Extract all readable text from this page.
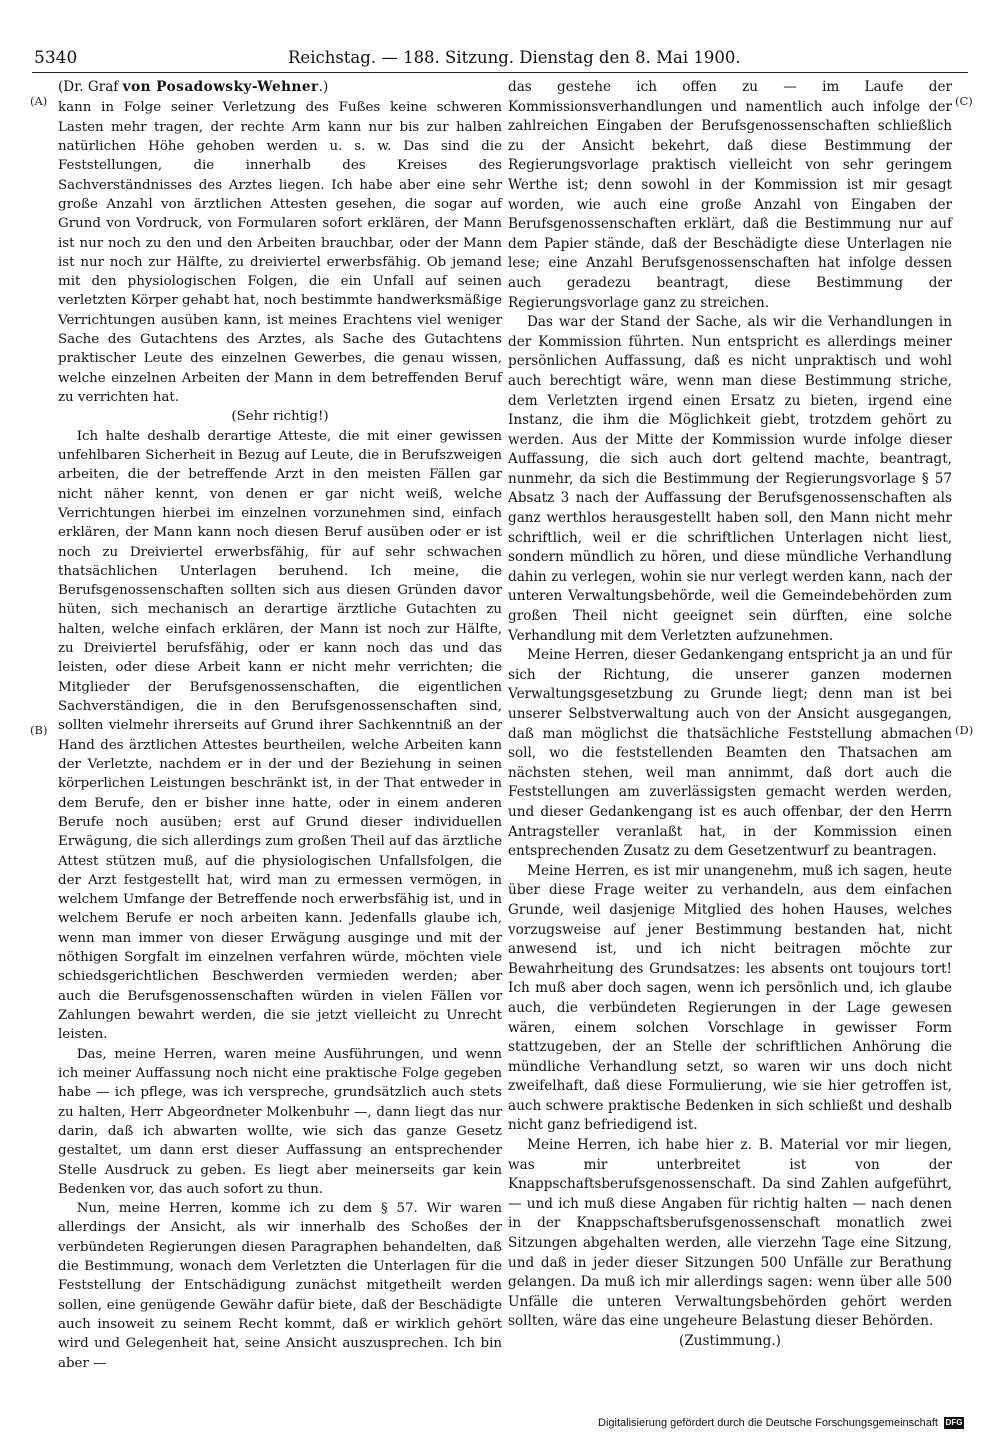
5340	Reichstag. — 188. Sitzung. Dienstag den 8. Mai 1900.
(A)
(B)
(C)
(D)
(Dr. Graf von Posadowsky-Wehner.)

kann in Folge seiner Verletzung des Fußes keine schweren Lasten mehr tragen, der rechte Arm kann nur bis zur halben natürlichen Höhe gehoben werden u. s. w. Das sind die Feststellungen, die innerhalb des Kreises des Sachverständnisses des Arztes liegen. Ich habe aber eine sehr große Anzahl von ärztlichen Attesten gesehen, die sogar auf Grund von Vordruck, von Formularen sofort erklären, der Mann ist nur noch zu den und den Arbeiten brauchbar, oder der Mann ist nur noch zur Hälfte, zu dreiviertel erwerbsfähig. Ob jemand mit den physiologischen Folgen, die ein Unfall auf seinen verletzten Körper gehabt hat, noch bestimmte handwerksmäßige Verrichtungen ausüben kann, ist meines Erachtens viel weniger Sache des Gutachtens des Arztes, als Sache des Gutachtens praktischer Leute des einzelnen Gewerbes, die genau wissen, welche einzelnen Arbeiten der Mann in dem betreffenden Beruf zu verrichten hat.

(Sehr richtig!)

Ich halte deshalb derartige Atteste, die mit einer gewissen unfehlbaren Sicherheit in Bezug auf Leute, die in Berufszweigen arbeiten, die der betreffende Arzt in den meisten Fällen gar nicht näher kennt, von denen er gar nicht weiß, welche Verrichtungen hierbei im einzelnen vorzunehmen sind, einfach erklären, der Mann kann noch diesen Beruf ausüben oder er ist noch zu Dreiviertel erwerbsfähig, für auf sehr schwachen thatsächlichen Unterlagen beruhend. Ich meine, die Berufsgenossenschaften sollten sich aus diesen Gründen davor hüten, sich mechanisch an derartige ärztliche Gutachten zu halten, welche einfach erklären, der Mann ist noch zur Hälfte, zu Dreiviertel berufsfähig, oder er kann noch das und das leisten, oder diese Arbeit kann er nicht mehr verrichten; die Mitglieder der Berufsgenossenschaften, die eigentlichen Sachverständigen, die in den Berufsgenossenschaften sind, sollten vielmehr ihrerseits auf Grund ihrer Sachkenntniß an der Hand des ärztlichen Attestes beurtheilen, welche Arbeiten kann der Verletzte, nachdem er in der und der Beziehung in seinen körperlichen Leistungen beschränkt ist, in der That entweder in dem Berufe, den er bisher inne hatte, oder in einem anderen Berufe noch ausüben; erst auf Grund dieser individuellen Erwägung, die sich allerdings zum großen Theil auf das ärztliche Attest stützen muß, auf die physiologischen Unfallsfolgen, die der Arzt festgestellt hat, wird man zu ermessen vermögen, in welchem Umfange der Betreffende noch erwerbsfähig ist, und in welchem Berufe er noch arbeiten kann. Jedenfalls glaube ich, wenn man immer von dieser Erwägung ausginge und mit der nöthigen Sorgfalt im einzelnen verfahren würde, möchten viele schiedsgerichtlichen Beschwerden vermieden werden; aber auch die Berufsgenossenschaften würden in vielen Fällen vor Zahlungen bewahrt werden, die sie jetzt vielleicht zu Unrecht leisten.

Das, meine Herren, waren meine Ausführungen, und wenn ich meiner Auffassung noch nicht eine praktische Folge gegeben habe — ich pflege, was ich verspreche, grundsätzlich auch stets zu halten, Herr Abgeordneter Molkenbuhr —, dann liegt das nur darin, daß ich abwarten wollte, wie sich das ganze Gesetz gestaltet, um dann erst dieser Auffassung an entsprechender Stelle Ausdruck zu geben. Es liegt aber meinerseits gar kein Bedenken vor, das auch sofort zu thun.

Nun, meine Herren, komme ich zu dem § 57. Wir waren allerdings der Ansicht, als wir innerhalb des Schoßes der verbündeten Regierungen diesen Paragraphen behandelten, daß die Bestimmung, wonach dem Verletzten die Unterlagen für die Feststellung der Entschädigung zunächst mitgetheilt werden sollen, eine genügende Gewähr dafür biete, daß der Beschädigte auch insoweit zu seinem Recht kommt, daß er wirklich gehört wird und Gelegenheit hat, seine Ansicht auszusprechen. Ich bin aber —

das gestehe ich offen zu — im Laufe der Kommissionsverhandlungen und namentlich auch infolge der zahlreichen Eingaben der Berufsgenossenschaften schließlich zu der Ansicht bekehrt, daß diese Bestimmung der Regierungsvorlage praktisch vielleicht von sehr geringem Werthe ist; denn sowohl in der Kommission ist mir gesagt worden, wie auch eine große Anzahl von Eingaben der Berufsgenossenschaften erklärt, daß die Bestimmung nur auf dem Papier stände, daß der Beschädigte diese Unterlagen nie lese; eine Anzahl Berufsgenossenschaften hat infolge dessen auch geradezu beantragt, diese Bestimmung der Regierungsvorlage ganz zu streichen.

Das war der Stand der Sache, als wir die Verhandlungen in der Kommission führten. Nun entspricht es allerdings meiner persönlichen Auffassung, daß es nicht unpraktisch und wohl auch berechtigt wäre, wenn man diese Bestimmung striche, dem Verletzten irgend einen Ersatz zu bieten, irgend eine Instanz, die ihm die Möglichkeit giebt, trotzdem gehört zu werden. Aus der Mitte der Kommission wurde infolge dieser Auffassung, die sich auch dort geltend machte, beantragt, nunmehr, da sich die Bestimmung der Regierungsvorlage § 57 Absatz 3 nach der Auffassung der Berufsgenossenschaften als ganz werthlos herausgestellt haben soll, den Mann nicht mehr schriftlich, weil er die schriftlichen Unterlagen nicht liest, sondern mündlich zu hören, und diese mündliche Verhandlung dahin zu verlegen, wohin sie nur verlegt werden kann, nach der unteren Verwaltungsbehörde, weil die Gemeindebehörden zum großen Theil nicht geeignet sein dürften, eine solche Verhandlung mit dem Verletzten aufzunehmen.

Meine Herren, dieser Gedankengang entspricht ja an und für sich der Richtung, die unserer ganzen modernen Verwaltungsgesetzbung zu Grunde liegt; denn man ist bei unserer Selbstverwaltung auch von der Ansicht ausgegangen, daß man möglichst die thatsächliche Feststellung abmachen soll, wo die feststellenden Beamten den Thatsachen am nächsten stehen, weil man annimmt, daß dort auch die Feststellungen am zuverlässigsten gemacht werden werden, und dieser Gedankengang ist es auch offenbar, der den Herrn Antragsteller veranlaßt hat, in der Kommission einen entsprechenden Zusatz zu dem Gesetzentwurf zu beantragen.

Meine Herren, es ist mir unangenehm, muß ich sagen, heute über diese Frage weiter zu verhandeln, aus dem einfachen Grunde, weil dasjenige Mitglied des hohen Hauses, welches vorzugsweise auf jener Bestimmung bestanden hat, nicht anwesend ist, und ich nicht beitragen möchte zur Bewahrheitung des Grundsatzes: les absents ont toujours tort! Ich muß aber doch sagen, wenn ich persönlich und, ich glaube auch, die verbündeten Regierungen in der Lage gewesen wären, einem solchen Vorschlage in gewisser Form stattzugeben, der an Stelle der schriftlichen Anhörung die mündliche Verhandlung setzt, so waren wir uns doch nicht zweifelhaft, daß diese Formulierung, wie sie hier getroffen ist, auch schwere praktische Bedenken in sich schließt und deshalb nicht ganz befriedigend ist.

Meine Herren, ich habe hier z. B. Material vor mir liegen, was mir unterbreitet ist von der Knappschaftsberufsgenossenschaft. Da sind Zahlen aufgeführt, — und ich muß diese Angaben für richtig halten — nach denen in der Knappschaftsberufsgenossenschaft monatlich zwei Sitzungen abgehalten werden, alle vierzehn Tage eine Sitzung, und daß in jeder dieser Sitzungen 500 Unfälle zur Berathung gelangen. Da muß ich mir allerdings sagen: wenn über alle 500 Unfälle die unteren Verwaltungsbehörden gehört werden sollten, wäre das eine ungeheure Belastung dieser Behörden.

(Zustimmung.)

Digitalisierung gefördert durch die Deutsche Forschungsgemeinschaft DFG
